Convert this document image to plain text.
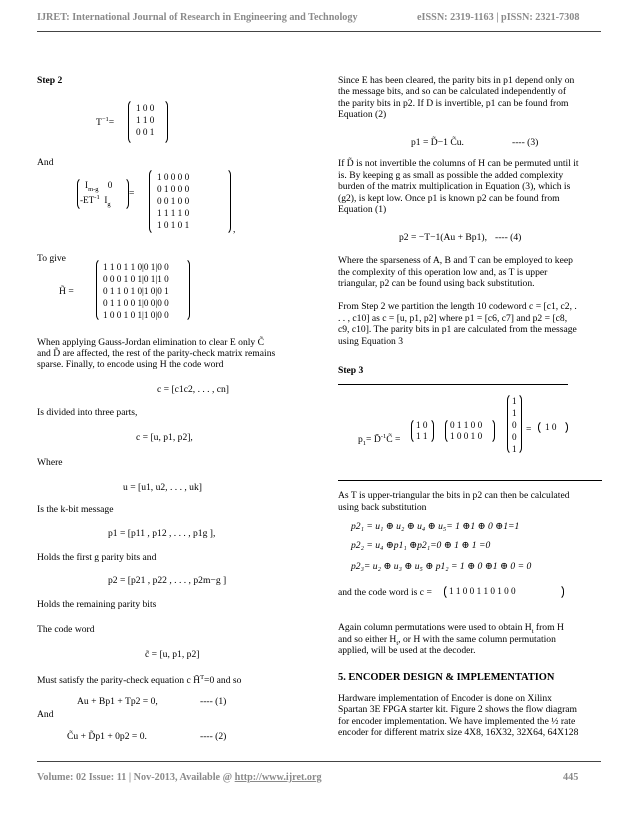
IJRET: International Journal of Research in Engineering and Technology	eISSN: 2319-1163 | pISSN: 2321-7308
Step 2
$T^{-1}=$
1 0 0
1 1 0
0 0 1
And
$I_{m-g}$ 0
$-ET^{-1}$ $I_g$
=
1 0 0 0 0
0 1 0 0 0
0 0 1 0 0
1 1 1 1 0
1 0 1 0 1	,
To give
H̃ =
1 1 0 1 1 0|0 1|0 0
0 0 0 1 0 1|0 1|1 0
0 1 1 0 1 0|1 0|0 1
0 1 1 0 0 1|0 0|0 0
1 0 0 1 0 1|1 0|0 0
When applying Gauss-Jordan elimination to clear E only C̃
and D̃ are affected, the rest of the parity-check matrix remains
sparse. Finally, to encode using H the code word
c = [c1c2, . . . , cn]
Is divided into three parts,
c = [u, p1, p2],
Where
u = [u1, u2, . . . , uk]
Is the k-bit message
p1 = [p11 , p12 , . . . , p1g ],
Holds the first g parity bits and
p2 = [p21 , p22 , . . . , p2m−g ]
Holds the remaining parity bits
The code word
c̃ = [u, p1, p2]
Must satisfy the parity-check equation c H̃$^T$=0 and so
Au + Bp1 + Tp2 = 0,	---- (1)
And
C̃u + D̃p1 + 0p2 = 0.	---- (2)
Since E has been cleared, the parity bits in p1 depend only on
the message bits, and so can be calculated independently of
the parity bits in p2. If D is invertible, p1 can be found from
Equation (2)
p1 = D̃−1 C̃u.	---- (3)
If D̃ is not invertible the columns of H can be permuted until it
is. By keeping g as small as possible the added complexity
burden of the matrix multiplication in Equation (3), which is
(g2), is kept low. Once p1 is known p2 can be found from
Equation (1)
p2 = −T−1(Au + Bp1), ---- (4)
Where the sparseness of A, B and T can be employed to keep
the complexity of this operation low and, as T is upper
triangular, p2 can be found using back substitution.
From Step 2 we partition the length 10 codeword c = [c1, c2, .
. . , c10] as c = [u, p1, p2] where p1 = [c6, c7] and p2 = [c8,
c9, c10]. The parity bits in p1 are calculated from the message
using Equation 3
Step 3
$p_1=$ D̃$^{-1}$C̃ =
1 0
1 1
0 1 1 0 0
1 0 0 1 0
1
1
0
0
1
= 1 0
As T is upper-triangular the bits in p2 can then be calculated
using back substitution
p2₁ = u₁ ⊕ u₂ ⊕ u₄ ⊕ u₅= 1 ⊕1 ⊕ 0 ⊕1=1
p2₂ = u₄ ⊕p1₁ ⊕p2₁=0 ⊕ 1 ⊕ 1 =0
p2₃= u₂ ⊕ u₃ ⊕ u₅ ⊕ p1₂ = 1 ⊕ 0 ⊕1 ⊕ 0 = 0
and the code word is c = 1 1 0 0 1 1 0 1 0 0
Again column permutations were used to obtain $H_t$ from H
and so either $H_t$, or H with the same column permutation
applied, will be used at the decoder.
5. ENCODER DESIGN & IMPLEMENTATION
Hardware implementation of Encoder is done on Xilinx
Spartan 3E FPGA starter kit. Figure 2 shows the flow diagram
for encoder implementation. We have implemented the ½ rate
encoder for different matrix size 4X8, 16X32, 32X64, 64X128
Volume: 02 Issue: 11 | Nov-2013, Available @ http://www.ijret.org	445
